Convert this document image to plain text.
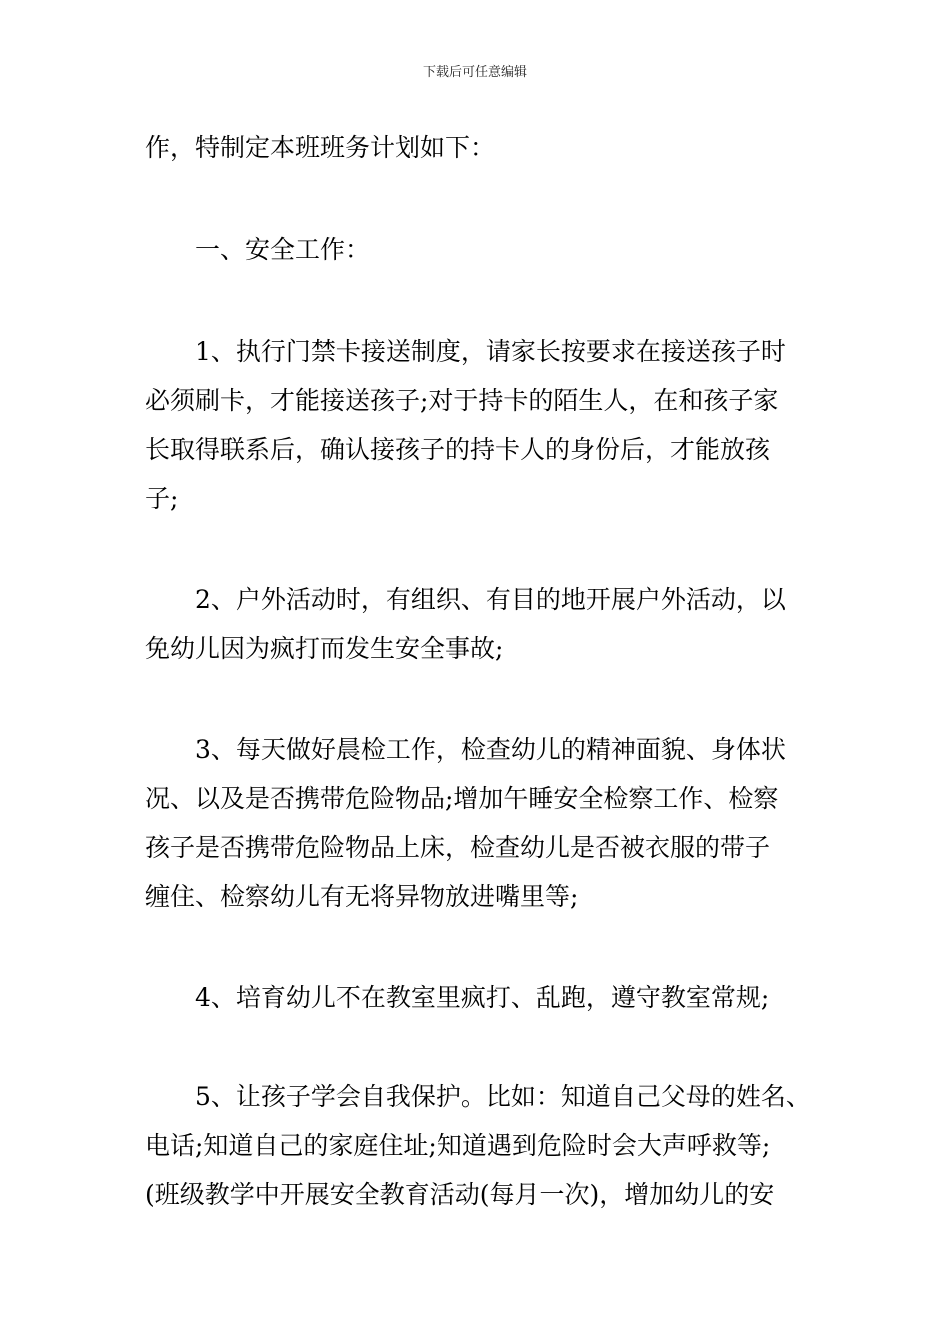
下载后可任意编辑
作，特制定本班班务计划如下：
一、安全工作：
1、执行门禁卡接送制度，请家长按要求在接送孩子时
必须刷卡，才能接送孩子;对于持卡的陌生人，在和孩子家
长取得联系后，确认接孩子的持卡人的身份后，才能放孩
子;
2、户外活动时，有组织、有目的地开展户外活动，以
免幼儿因为疯打而发生安全事故;
3、每天做好晨检工作，检查幼儿的精神面貌、身体状
况、以及是否携带危险物品;增加午睡安全检察工作、检察
孩子是否携带危险物品上床，检查幼儿是否被衣服的带子
缠住、检察幼儿有无将异物放进嘴里等;
4、培育幼儿不在教室里疯打、乱跑，遵守教室常规;
5、让孩子学会自我保护。比如：知道自己父母的姓名、
电话;知道自己的家庭住址;知道遇到危险时会大声呼救等;
(班级教学中开展安全教育活动(每月一次)，增加幼儿的安
